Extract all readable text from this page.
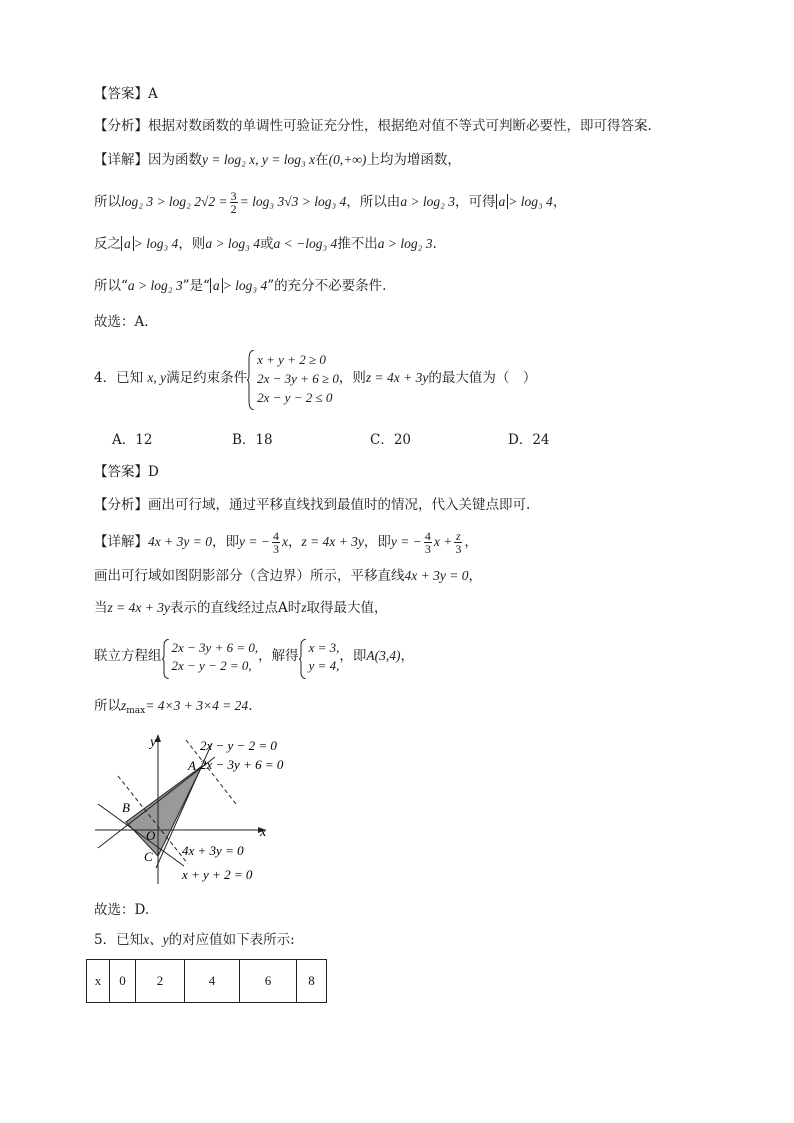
【答案】A
【分析】根据对数函数的单调性可验证充分性，根据绝对值不等式可判断必要性，即可得答案.
【详解】因为函数y = log₂ x, y = log₃ x在(0,+∞)上均为增函数，
所以log₂ 3 > log₂ $2√2 = \frac{3}{2} = \log_3$ 3√3 > log₃ 4，所以由a > log₂ 3，可得 a > log₃ 4，
反之 a > log₃ 4，则a > log₃ 4或a < −log₃ 4推不出a > log₂ 3.
所以“a > log₂ 3”是“ a > log₃ 4”的充分不必要条件.
故选：A.
4．已知 x, y满足约束条件
x + y + 2 ≥ 0
2x − 3y + 6 ≥ 0
2x − y − 2 ≤ 0
，则z = 4x + 3y的最大值为（　）
A．12	B．18	C．20	D．24
【答案】D
【分析】画出可行域，通过平移直线找到最值时的情况，代入关键点即可.
【详解】4x + 3y = 0，即y = − $\frac{4}{3}$ x，z = 4x + 3y，即y = − $\frac{4}{3}$ $x + \frac{z}{3}$ ，
画出可行域如图阴影部分（含边界）所示，平移直线4x + 3y = 0，
当z = 4x + 3y表示的直线经过点A时z取得最大值，
联立方程组
2x − 3y + 6 = 0,
2x − y − 2 = 0,
，解得
x = 3,
y = 4,
，即A(3,4)，
所以$z_{max}= 4\times 3 + 3\times 4 = 24$.
y
x
A
B
C
O
2x − y − 2 = 0
2x − 3y + 6 = 0
4x + 3y = 0
x + y + 2 = 0
故选：D.
5．已知x、y的对应值如下表所示:
x	0	2	4	6	8
